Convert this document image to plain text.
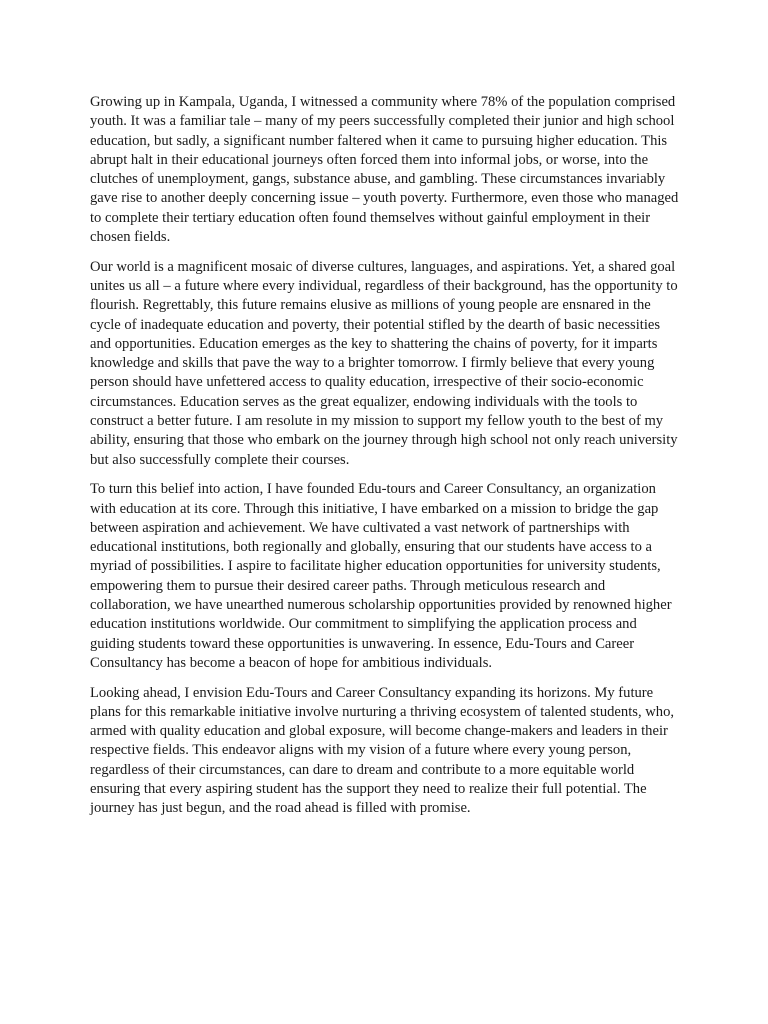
Growing up in Kampala, Uganda, I witnessed a community where 78% of the population comprised youth. It was a familiar tale – many of my peers successfully completed their junior and high school education, but sadly, a significant number faltered when it came to pursuing higher education. This abrupt halt in their educational journeys often forced them into informal jobs, or worse, into the clutches of unemployment, gangs, substance abuse, and gambling. These circumstances invariably gave rise to another deeply concerning issue – youth poverty. Furthermore, even those who managed to complete their tertiary education often found themselves without gainful employment in their chosen fields.

Our world is a magnificent mosaic of diverse cultures, languages, and aspirations. Yet, a shared goal unites us all – a future where every individual, regardless of their background, has the opportunity to flourish. Regrettably, this future remains elusive as millions of young people are ensnared in the cycle of inadequate education and poverty, their potential stifled by the dearth of basic necessities and opportunities. Education emerges as the key to shattering the chains of poverty, for it imparts knowledge and skills that pave the way to a brighter tomorrow. I firmly believe that every young person should have unfettered access to quality education, irrespective of their socio-economic circumstances. Education serves as the great equalizer, endowing individuals with the tools to construct a better future. I am resolute in my mission to support my fellow youth to the best of my ability, ensuring that those who embark on the journey through high school not only reach university but also successfully complete their courses.

To turn this belief into action, I have founded Edu-tours and Career Consultancy, an organization with education at its core. Through this initiative, I have embarked on a mission to bridge the gap between aspiration and achievement. We have cultivated a vast network of partnerships with educational institutions, both regionally and globally, ensuring that our students have access to a myriad of possibilities. I aspire to facilitate higher education opportunities for university students, empowering them to pursue their desired career paths. Through meticulous research and collaboration, we have unearthed numerous scholarship opportunities provided by renowned higher education institutions worldwide. Our commitment to simplifying the application process and guiding students toward these opportunities is unwavering. In essence, Edu-Tours and Career Consultancy has become a beacon of hope for ambitious individuals.

Looking ahead, I envision Edu-Tours and Career Consultancy expanding its horizons. My future plans for this remarkable initiative involve nurturing a thriving ecosystem of talented students, who, armed with quality education and global exposure, will become change-makers and leaders in their respective fields. This endeavor aligns with my vision of a future where every young person, regardless of their circumstances, can dare to dream and contribute to a more equitable world ensuring that every aspiring student has the support they need to realize their full potential. The journey has just begun, and the road ahead is filled with promise.
